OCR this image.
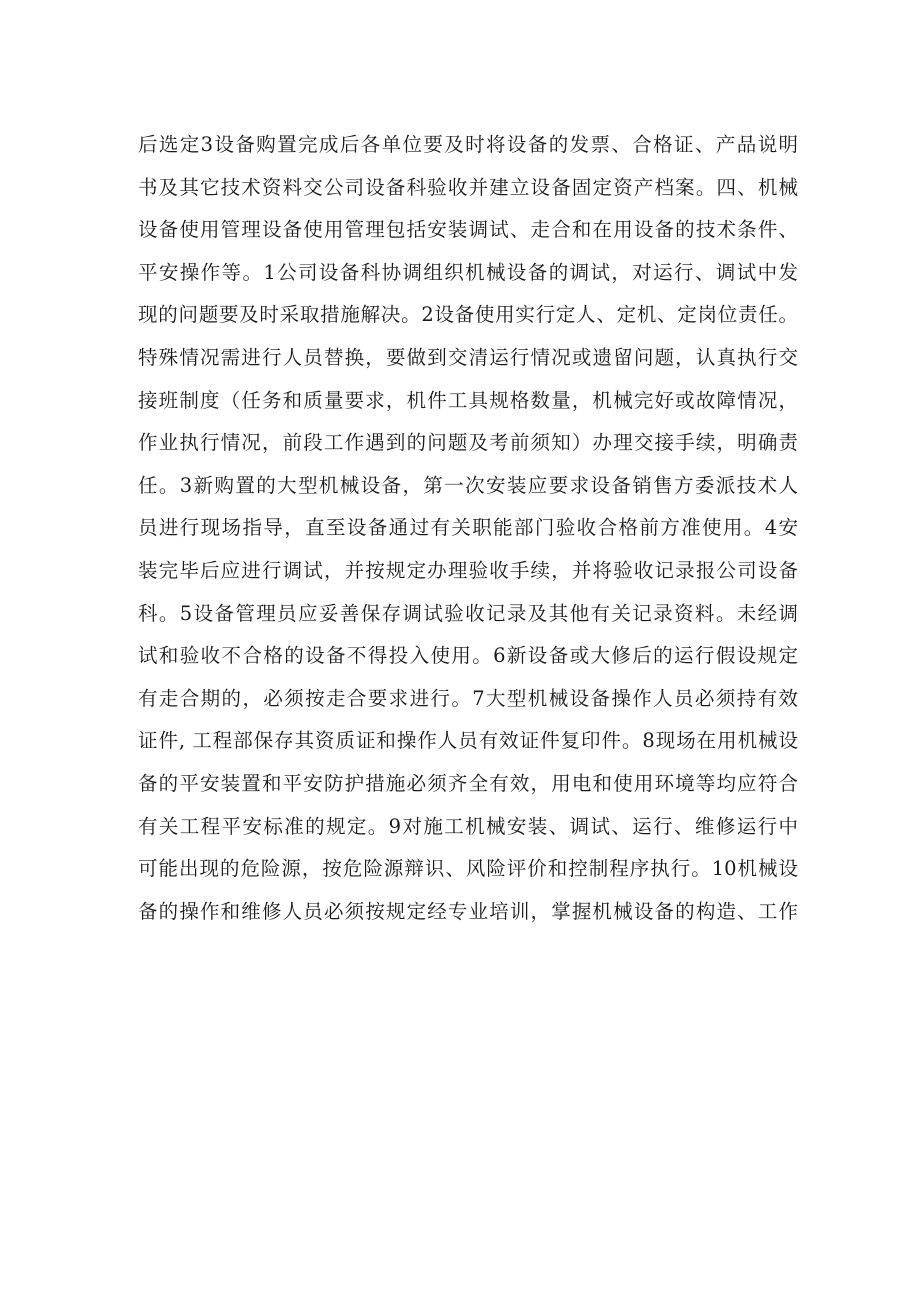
后选定3设备购置完成后各单位要及时将设备的发票、合格证、产品说明
书及其它技术资料交公司设备科验收并建立设备固定资产档案。四、机械
设备使用管理设备使用管理包括安装调试、走合和在用设备的技术条件、
平安操作等。1公司设备科协调组织机械设备的调试，对运行、调试中发
现的问题要及时采取措施解决。2设备使用实行定人、定机、定岗位责任。
特殊情况需进行人员替换，要做到交清运行情况或遗留问题，认真执行交
接班制度（任务和质量要求，机件工具规格数量，机械完好或故障情况，
作业执行情况，前段工作遇到的问题及考前须知）办理交接手续，明确责
任。3新购置的大型机械设备，第一次安装应要求设备销售方委派技术人
员进行现场指导，直至设备通过有关职能部门验收合格前方准使用。4安
装完毕后应进行调试，并按规定办理验收手续，并将验收记录报公司设备
科。5设备管理员应妥善保存调试验收记录及其他有关记录资料。未经调
试和验收不合格的设备不得投入使用。6新设备或大修后的运行假设规定
有走合期的，必须按走合要求进行。7大型机械设备操作人员必须持有效
证件, 工程部保存其资质证和操作人员有效证件复印件。8现场在用机械设
备的平安装置和平安防护措施必须齐全有效，用电和使用环境等均应符合
有关工程平安标准的规定。9对施工机械安装、调试、运行、维修运行中
可能出现的危险源，按危险源辩识、风险评价和控制程序执行。10机械设
备的操作和维修人员必须按规定经专业培训，掌握机械设备的构造、工作
